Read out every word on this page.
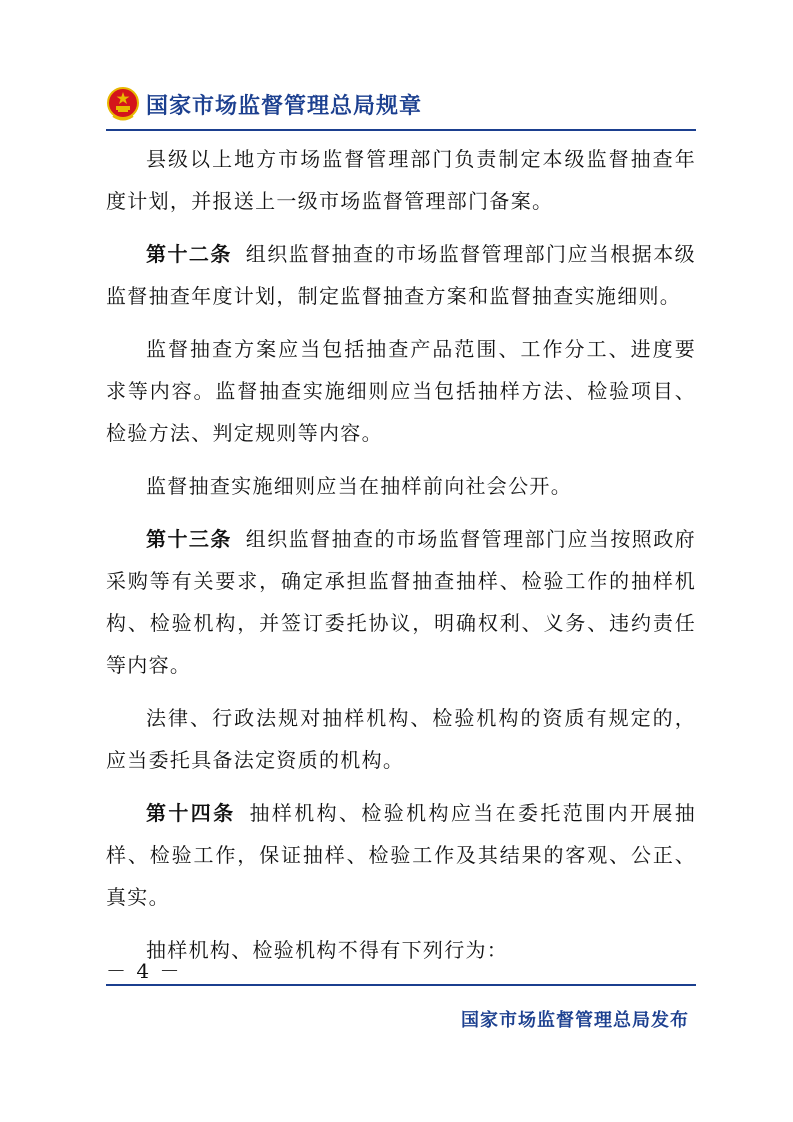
国家市场监督管理总局规章

县级以上地方市场监督管理部门负责制定本级监督抽查年度计划，并报送上一级市场监督管理部门备案。

第十二条 组织监督抽查的市场监督管理部门应当根据本级监督抽查年度计划，制定监督抽查方案和监督抽查实施细则。

监督抽查方案应当包括抽查产品范围、工作分工、进度要求等内容。监督抽查实施细则应当包括抽样方法、检验项目、检验方法、判定规则等内容。

监督抽查实施细则应当在抽样前向社会公开。

第十三条 组织监督抽查的市场监督管理部门应当按照政府采购等有关要求，确定承担监督抽查抽样、检验工作的抽样机构、检验机构，并签订委托协议，明确权利、义务、违约责任等内容。

法律、行政法规对抽样机构、检验机构的资质有规定的，应当委托具备法定资质的机构。

第十四条 抽样机构、检验机构应当在委托范围内开展抽样、检验工作，保证抽样、检验工作及其结果的客观、公正、真实。

抽样机构、检验机构不得有下列行为：

－ 4 －
国家市场监督管理总局发布
